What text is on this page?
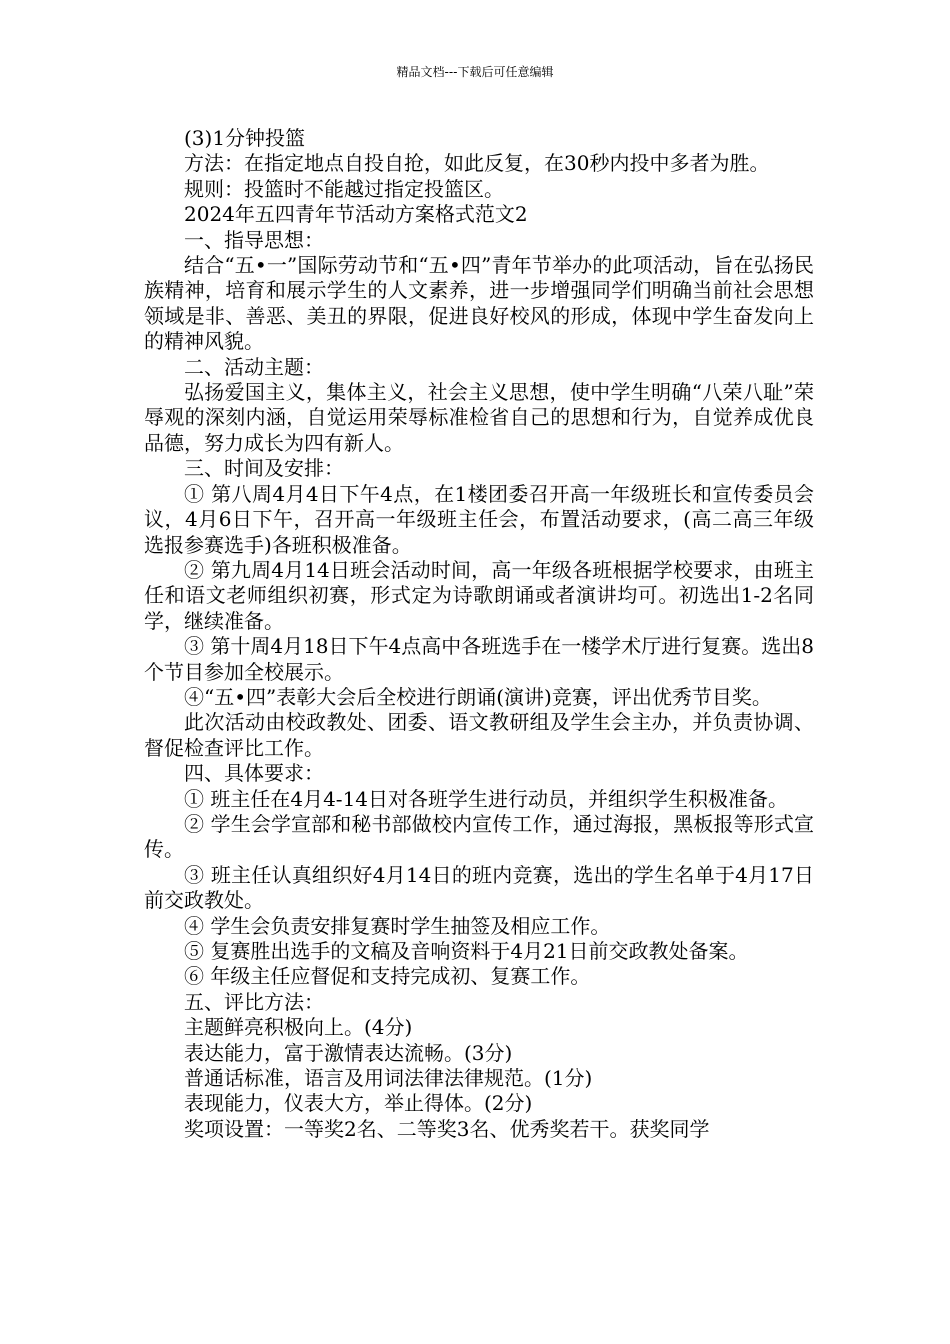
精品文档---下载后可任意编辑

(3)1分钟投篮

方法：在指定地点自投自抢，如此反复，在30秒内投中多者为胜。

规则：投篮时不能越过指定投篮区。

2024年五四青年节活动方案格式范文2

一、指导思想：

结合“五•一”国际劳动节和“五•四”青年节举办的此项活动，旨在弘扬民族精神，培育和展示学生的人文素养，进一步增强同学们明确当前社会思想领域是非、善恶、美丑的界限，促进良好校风的形成，体现中学生奋发向上的精神风貌。

二、活动主题：

弘扬爱国主义，集体主义，社会主义思想，使中学生明确“八荣八耻”荣辱观的深刻内涵，自觉运用荣辱标准检省自己的思想和行为，自觉养成优良品德，努力成长为四有新人。

三、时间及安排：

① 第八周4月4日下午4点，在1楼团委召开高一年级班长和宣传委员会议，4月6日下午，召开高一年级班主任会，布置活动要求，(高二高三年级选报参赛选手)各班积极准备。

② 第九周4月14日班会活动时间，高一年级各班根据学校要求，由班主任和语文老师组织初赛，形式定为诗歌朗诵或者演讲均可。初选出1-2名同学，继续准备。

③ 第十周4月18日下午4点高中各班选手在一楼学术厅进行复赛。选出8个节目参加全校展示。

④“五•四”表彰大会后全校进行朗诵(演讲)竞赛，评出优秀节目奖。

此次活动由校政教处、团委、语文教研组及学生会主办，并负责协调、督促检查评比工作。

四、具体要求：

① 班主任在4月4-14日对各班学生进行动员，并组织学生积极准备。

② 学生会学宣部和秘书部做校内宣传工作，通过海报，黑板报等形式宣传。

③ 班主任认真组织好4月14日的班内竞赛，选出的学生名单于4月17日前交政教处。

④ 学生会负责安排复赛时学生抽签及相应工作。

⑤ 复赛胜出选手的文稿及音响资料于4月21日前交政教处备案。

⑥ 年级主任应督促和支持完成初、复赛工作。

五、评比方法：

主题鲜亮积极向上。(4分)

表达能力，富于激情表达流畅。(3分)

普通话标准，语言及用词法律法律规范。(1分)

表现能力，仪表大方，举止得体。(2分)

奖项设置：一等奖2名、二等奖3名、优秀奖若干。获奖同学
